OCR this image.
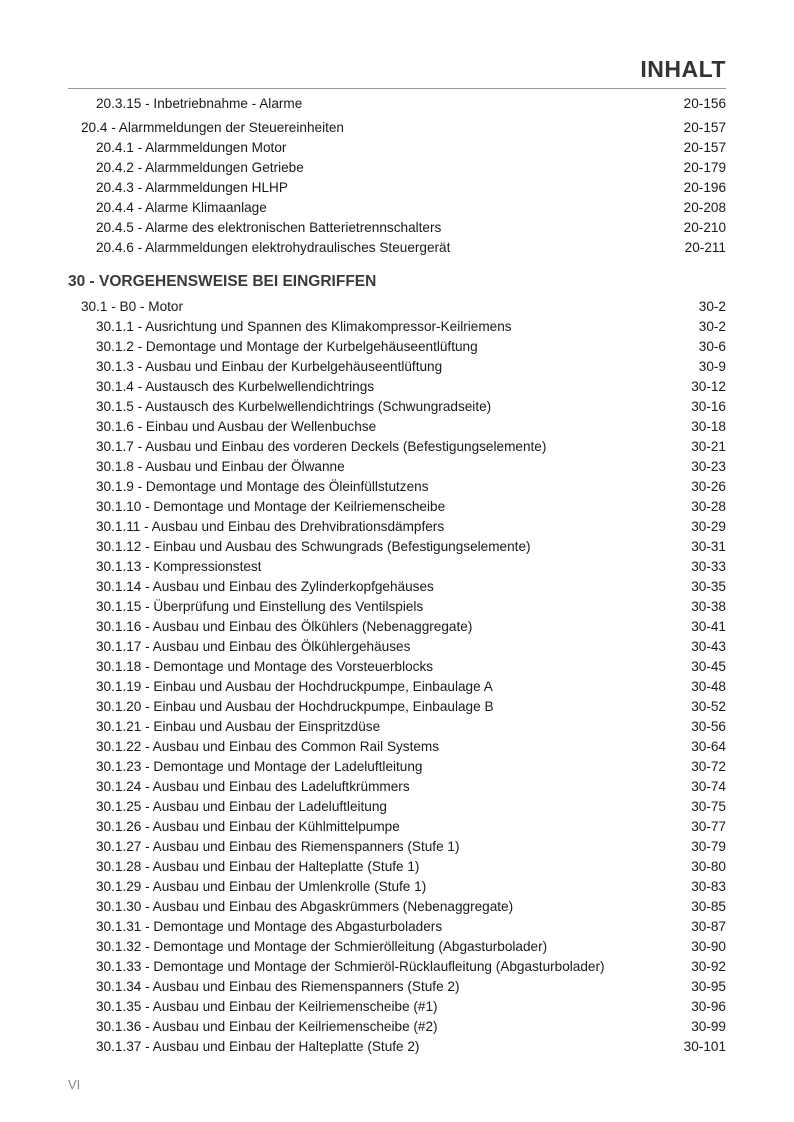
INHALT
20.3.15 - Inbetriebnahme - Alarme	20-156
20.4 - Alarmmeldungen der Steuereinheiten	20-157
20.4.1 - Alarmmeldungen Motor	20-157
20.4.2 - Alarmmeldungen Getriebe	20-179
20.4.3 - Alarmmeldungen HLHP	20-196
20.4.4 - Alarme Klimaanlage	20-208
20.4.5 - Alarme des elektronischen Batterietrennschalters	20-210
20.4.6 - Alarmmeldungen elektrohydraulisches Steuergerät	20-211
30 - VORGEHENSWEISE BEI EINGRIFFEN
30.1 - B0 - Motor	30-2
30.1.1 - Ausrichtung und Spannen des Klimakompressor-Keilriemens	30-2
30.1.2 - Demontage und Montage der Kurbelgehäuseentlüftung	30-6
30.1.3 - Ausbau und Einbau der Kurbelgehäuseentlüftung	30-9
30.1.4 - Austausch des Kurbelwellendichtrings	30-12
30.1.5 - Austausch des Kurbelwellendichtrings (Schwungradseite)	30-16
30.1.6 - Einbau und Ausbau der Wellenbuchse	30-18
30.1.7 - Ausbau und Einbau des vorderen Deckels (Befestigungselemente)	30-21
30.1.8 - Ausbau und Einbau der Ölwanne	30-23
30.1.9 - Demontage und Montage des Öleinfüllstutzens	30-26
30.1.10 - Demontage und Montage der Keilriemenscheibe	30-28
30.1.11 - Ausbau und Einbau des Drehvibrationsdämpfers	30-29
30.1.12 - Einbau und Ausbau des Schwungrads (Befestigungselemente)	30-31
30.1.13 - Kompressionstest	30-33
30.1.14 - Ausbau und Einbau des Zylinderkopfgehäuses	30-35
30.1.15 - Überprüfung und Einstellung des Ventilspiels	30-38
30.1.16 - Ausbau und Einbau des Ölkühlers (Nebenaggregate)	30-41
30.1.17 - Ausbau und Einbau des Ölkühlergehäuses	30-43
30.1.18 - Demontage und Montage des Vorsteuerblocks	30-45
30.1.19 - Einbau und Ausbau der Hochdruckpumpe, Einbaulage A	30-48
30.1.20 - Einbau und Ausbau der Hochdruckpumpe, Einbaulage B	30-52
30.1.21 - Einbau und Ausbau der Einspritzdüse	30-56
30.1.22 - Ausbau und Einbau des Common Rail Systems	30-64
30.1.23 - Demontage und Montage der Ladeluftleitung	30-72
30.1.24 - Ausbau und Einbau des Ladeluftkrümmers	30-74
30.1.25 - Ausbau und Einbau der Ladeluftleitung	30-75
30.1.26 - Ausbau und Einbau der Kühlmittelpumpe	30-77
30.1.27 - Ausbau und Einbau des Riemenspanners (Stufe 1)	30-79
30.1.28 - Ausbau und Einbau der Halteplatte (Stufe 1)	30-80
30.1.29 - Ausbau und Einbau der Umlenkrolle (Stufe 1)	30-83
30.1.30 - Ausbau und Einbau des Abgaskrümmers (Nebenaggregate)	30-85
30.1.31 - Demontage und Montage des Abgasturboladers	30-87
30.1.32 - Demontage und Montage der Schmierölleitung (Abgasturbolader)	30-90
30.1.33 - Demontage und Montage der Schmieröl-Rücklaufleitung (Abgasturbolader)	30-92
30.1.34 - Ausbau und Einbau des Riemenspanners (Stufe 2)	30-95
30.1.35 - Ausbau und Einbau der Keilriemenscheibe (#1)	30-96
30.1.36 - Ausbau und Einbau der Keilriemenscheibe (#2)	30-99
30.1.37 - Ausbau und Einbau der Halteplatte (Stufe 2)	30-101
VI
